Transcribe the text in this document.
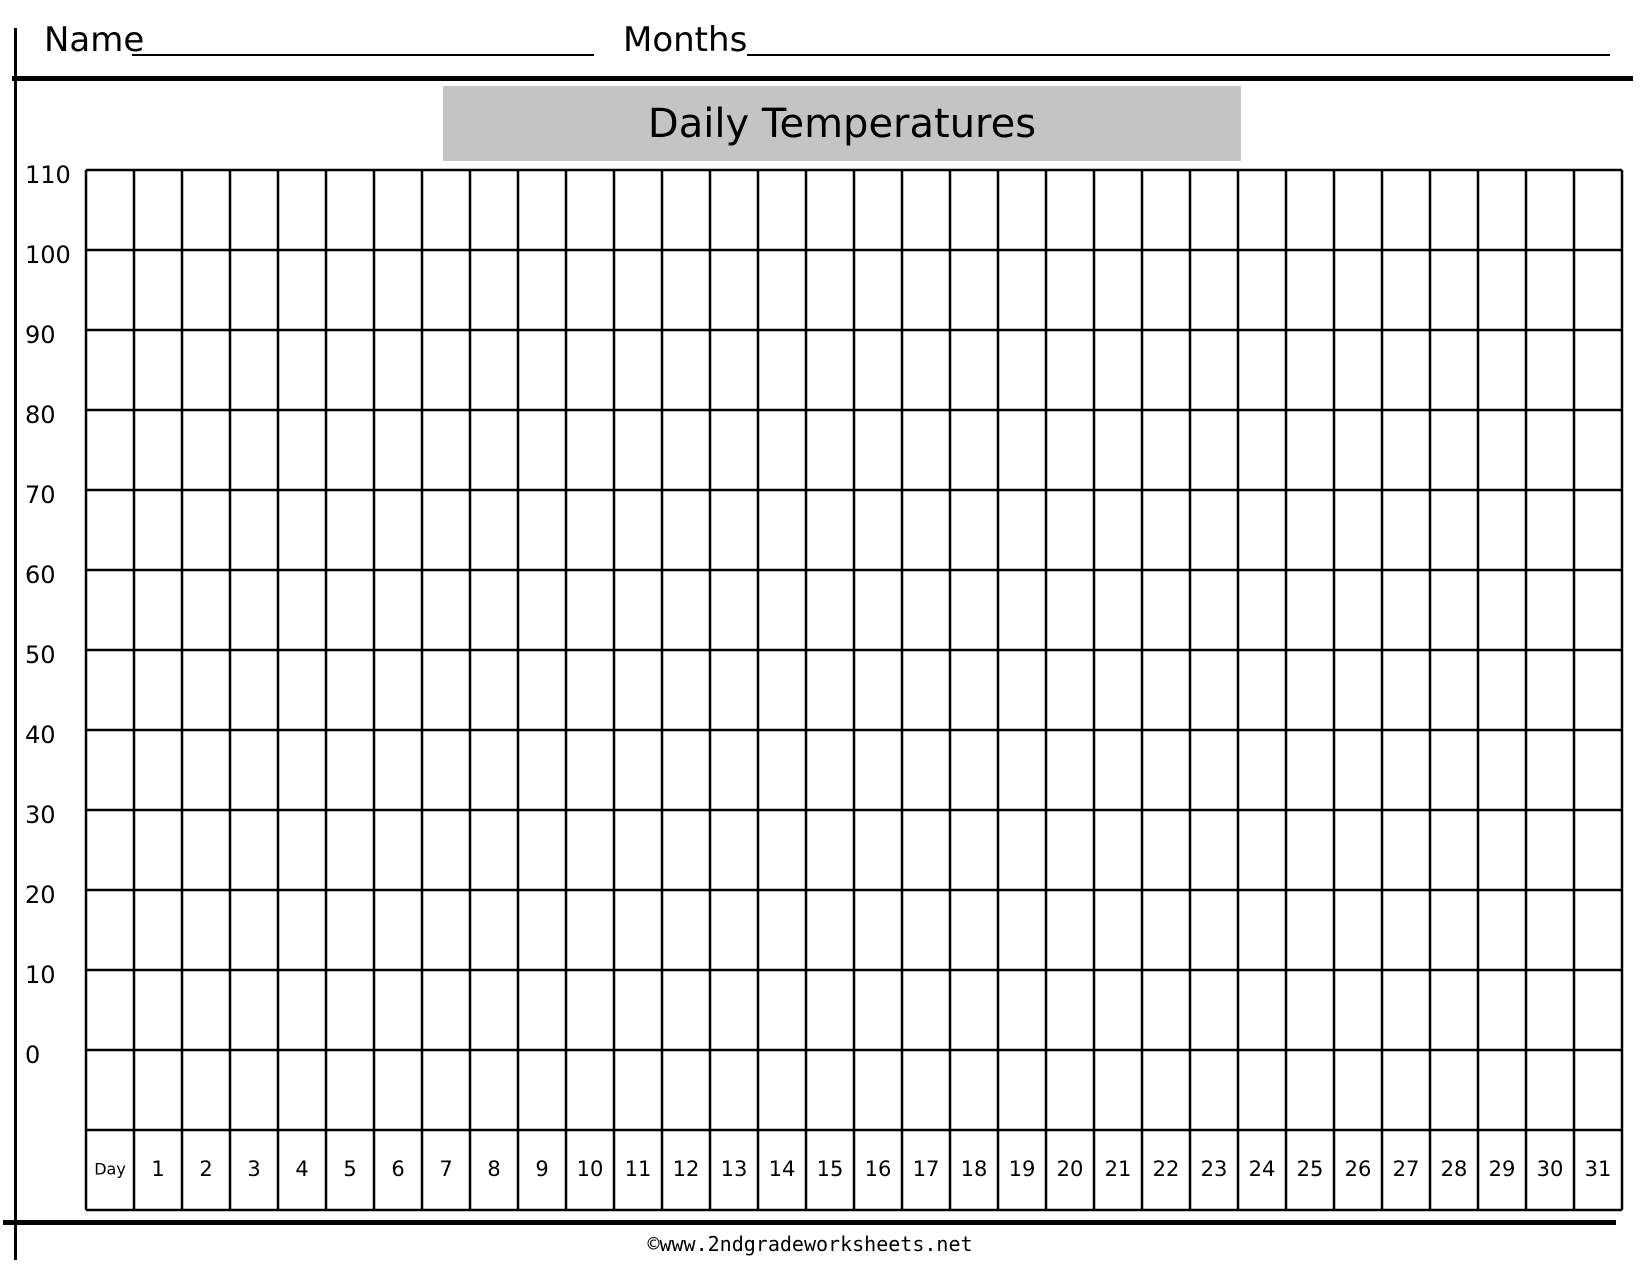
Name	Months
Daily Temperatures
110
100
90
80
70
60
50
40
30
20
10
0
Day 1 2 3 4 5 6 7 8 9 10 11 12 13 14 15 16 17 18 19 20 21 22 23 24 25 26 27 28 29 30 31
©www.2ndgradeworksheets.net
